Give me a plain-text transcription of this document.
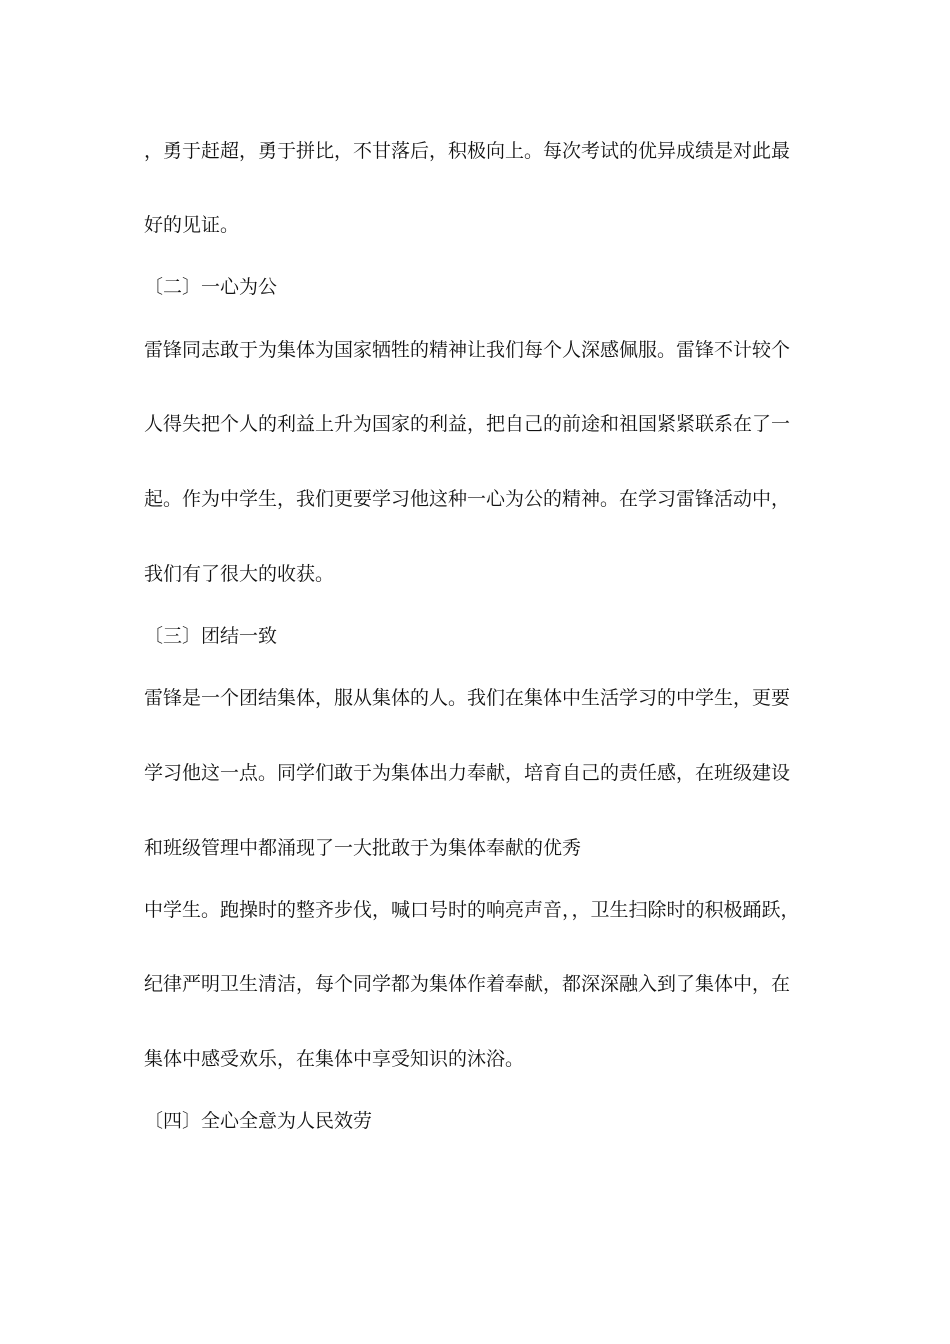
，勇于赶超，勇于拼比，不甘落后，积极向上。每次考试的优异成绩是对此最
好的见证。
〔二〕一心为公
雷锋同志敢于为集体为国家牺牲的精神让我们每个人深感佩服。雷锋不计较个
人得失把个人的利益上升为国家的利益，把自己的前途和祖国紧紧联系在了一
起。作为中学生，我们更要学习他这种一心为公的精神。在学习雷锋活动中，
我们有了很大的收获。
〔三〕团结一致
雷锋是一个团结集体，服从集体的人。我们在集体中生活学习的中学生，更要
学习他这一点。同学们敢于为集体出力奉献，培育自己的责任感，在班级建设
和班级管理中都涌现了一大批敢于为集体奉献的优秀
中学生。跑操时的整齐步伐，喊口号时的响亮声音，，卫生扫除时的积极踊跃，
纪律严明卫生清洁，每个同学都为集体作着奉献，都深深融入到了集体中，在
集体中感受欢乐，在集体中享受知识的沐浴。
〔四〕全心全意为人民效劳
